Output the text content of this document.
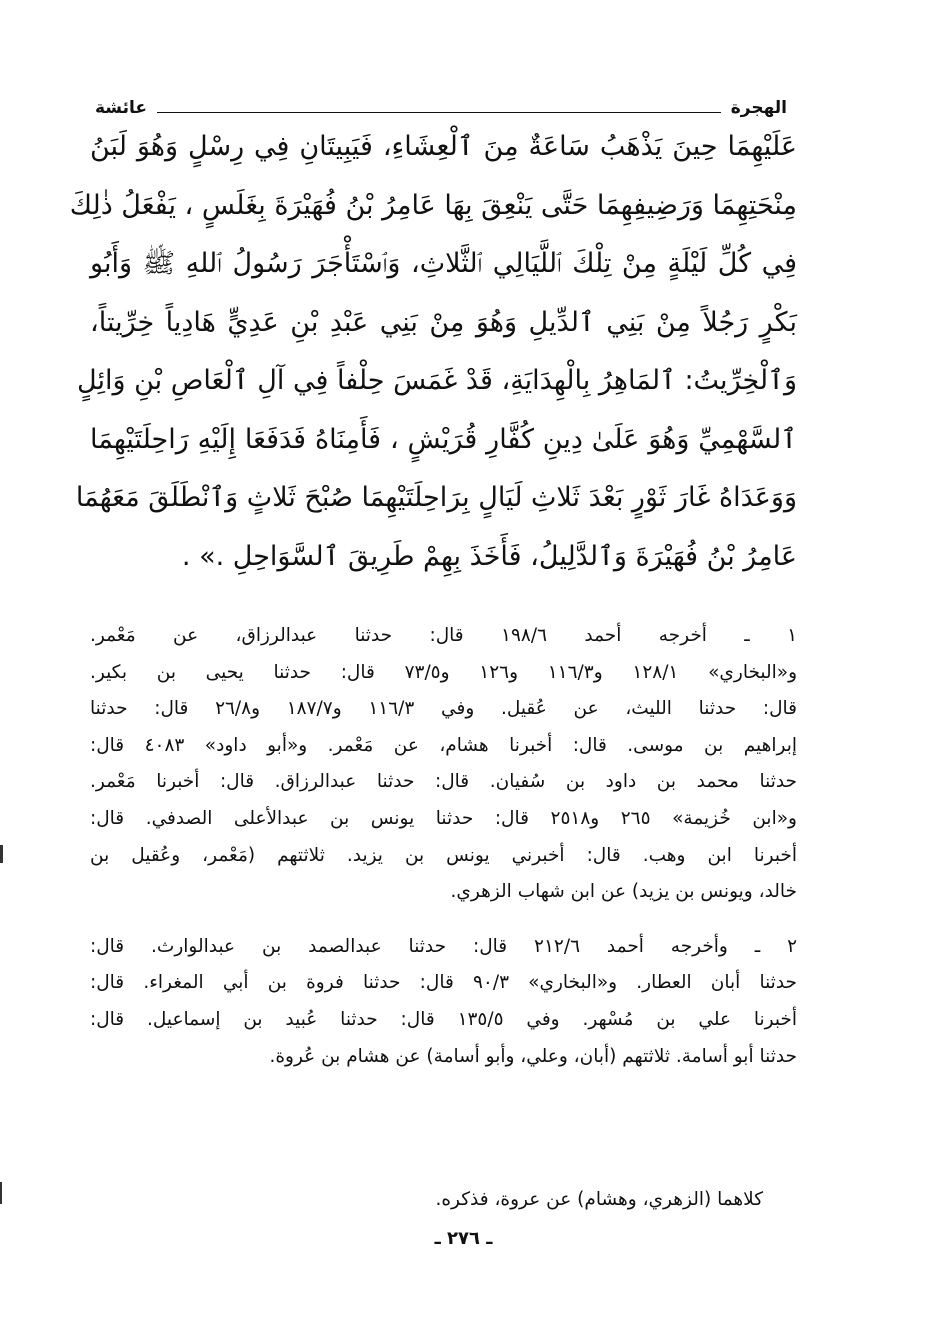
الهجرة
عائشة
عَلَيْهِمَا حِينَ يَذْهَبُ سَاعَةٌ مِنَ ٱلْعِشَاءِ، فَيَبِيتَانِ فِي رِسْلٍ وَهُوَ لَبَنُ
مِنْحَتِهِمَا وَرَضِيفِهِمَا حَتَّى يَنْعِقَ بِهَا عَامِرُ بْنُ فُهَيْرَةَ بِغَلَسٍ ، يَفْعَلُ ذٰلِكَ
فِي كُلِّ لَيْلَةٍ مِنْ تِلْكَ ٱللَّيَالِي ٱلثَّلاثِ، وَٱسْتَأْجَرَ رَسُولُ ٱللهِ ﷺ وَأَبُو
بَكْرٍ رَجُلاً مِنْ بَنِي ٱلدِّيلِ وَهُوَ مِنْ بَنِي عَبْدِ بْنِ عَدِيٍّ هَادِياً خِرِّيتاً،
وَٱلْخِرِّيتُ: ٱلمَاهِرُ بِالْهِدَايَةِ، قَدْ غَمَسَ حِلْفاً فِي آلِ ٱلْعَاصِ بْنِ وَائِلٍ
ٱلسَّهْمِيِّ وَهُوَ عَلَىٰ دِينِ كُفَّارِ قُرَيْشٍ ، فَأَمِنَاهُ فَدَفَعَا إِلَيْهِ رَاحِلَتَيْهِمَا
وَوَعَدَاهُ غَارَ ثَوْرٍ بَعْدَ ثَلاثِ لَيَالٍ بِرَاحِلَتَيْهِمَا صُبْحَ ثَلاثٍ وَٱنْطَلَقَ مَعَهُمَا
عَامِرُ بْنُ فُهَيْرَةَ وَٱلدَّلِيلُ، فَأَخَذَ بِهِمْ طَرِيقَ ٱلسَّوَاحِلِ .» .
١ ـ أخرجه أحمد ١٩٨/٦ قال: حدثنا عبدالرزاق، عن مَعْمر.
و«البخاري» ١٢٨/١ و١١٦/٣ و١٢٦ و٧٣/٥ قال: حدثنا يحيى بن بكير.
قال: حدثنا الليث، عن عُقيل. وفي ١١٦/٣ و١٨٧/٧ و٢٦/٨ قال: حدثنا
إبراهيم بن موسى. قال: أخبرنا هشام، عن مَعْمر. و«أبو داود» ٤٠٨٣ قال:
حدثنا محمد بن داود بن سُفيان. قال: حدثنا عبدالرزاق. قال: أخبرنا مَعْمر.
و«ابن خُزيمة» ٢٦٥ و٢٥١٨ قال: حدثنا يونس بن عبدالأعلى الصدفي. قال:
أخبرنا ابن وهب. قال: أخبرني يونس بن يزيد. ثلاثتهم (مَعْمر، وعُقيل بن
خالد، ويونس بن يزيد) عن ابن شهاب الزهري.
٢ ـ وأخرجه أحمد ٢١٢/٦ قال: حدثنا عبدالصمد بن عبدالوارث. قال:
حدثنا أبان العطار. و«البخاري» ٩٠/٣ قال: حدثنا فروة بن أبي المغراء. قال:
أخبرنا علي بن مُسْهر. وفي ١٣٥/٥ قال: حدثنا عُبيد بن إسماعيل. قال:
حدثنا أبو أسامة. ثلاثتهم (أبان، وعلي، وأبو أسامة) عن هشام بن عُروة.
كلاهما (الزهري، وهشام) عن عروة، فذكره.
ـ ٢٧٦ ـ
